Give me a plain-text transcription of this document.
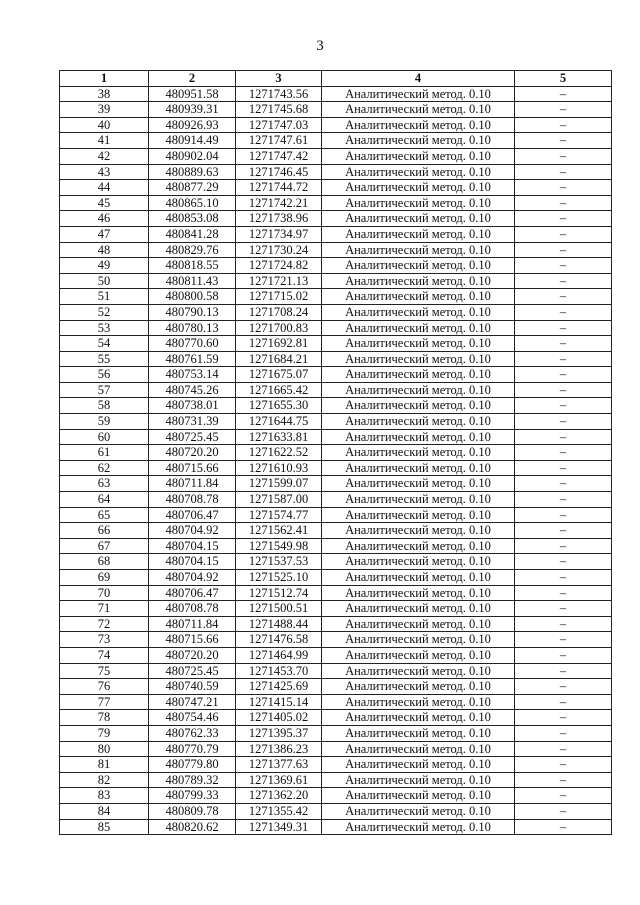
3
1	2	3	4	5
38	480951.58	1271743.56	Аналитический метод. 0.10	–
39	480939.31	1271745.68	Аналитический метод. 0.10	–
40	480926.93	1271747.03	Аналитический метод. 0.10	–
41	480914.49	1271747.61	Аналитический метод. 0.10	–
42	480902.04	1271747.42	Аналитический метод. 0.10	–
43	480889.63	1271746.45	Аналитический метод. 0.10	–
44	480877.29	1271744.72	Аналитический метод. 0.10	–
45	480865.10	1271742.21	Аналитический метод. 0.10	–
46	480853.08	1271738.96	Аналитический метод. 0.10	–
47	480841.28	1271734.97	Аналитический метод. 0.10	–
48	480829.76	1271730.24	Аналитический метод. 0.10	–
49	480818.55	1271724.82	Аналитический метод. 0.10	–
50	480811.43	1271721.13	Аналитический метод. 0.10	–
51	480800.58	1271715.02	Аналитический метод. 0.10	–
52	480790.13	1271708.24	Аналитический метод. 0.10	–
53	480780.13	1271700.83	Аналитический метод. 0.10	–
54	480770.60	1271692.81	Аналитический метод. 0.10	–
55	480761.59	1271684.21	Аналитический метод. 0.10	–
56	480753.14	1271675.07	Аналитический метод. 0.10	–
57	480745.26	1271665.42	Аналитический метод. 0.10	–
58	480738.01	1271655.30	Аналитический метод. 0.10	–
59	480731.39	1271644.75	Аналитический метод. 0.10	–
60	480725.45	1271633.81	Аналитический метод. 0.10	–
61	480720.20	1271622.52	Аналитический метод. 0.10	–
62	480715.66	1271610.93	Аналитический метод. 0.10	–
63	480711.84	1271599.07	Аналитический метод. 0.10	–
64	480708.78	1271587.00	Аналитический метод. 0.10	–
65	480706.47	1271574.77	Аналитический метод. 0.10	–
66	480704.92	1271562.41	Аналитический метод. 0.10	–
67	480704.15	1271549.98	Аналитический метод. 0.10	–
68	480704.15	1271537.53	Аналитический метод. 0.10	–
69	480704.92	1271525.10	Аналитический метод. 0.10	–
70	480706.47	1271512.74	Аналитический метод. 0.10	–
71	480708.78	1271500.51	Аналитический метод. 0.10	–
72	480711.84	1271488.44	Аналитический метод. 0.10	–
73	480715.66	1271476.58	Аналитический метод. 0.10	–
74	480720.20	1271464.99	Аналитический метод. 0.10	–
75	480725.45	1271453.70	Аналитический метод. 0.10	–
76	480740.59	1271425.69	Аналитический метод. 0.10	–
77	480747.21	1271415.14	Аналитический метод. 0.10	–
78	480754.46	1271405.02	Аналитический метод. 0.10	–
79	480762.33	1271395.37	Аналитический метод. 0.10	–
80	480770.79	1271386.23	Аналитический метод. 0.10	–
81	480779.80	1271377.63	Аналитический метод. 0.10	–
82	480789.32	1271369.61	Аналитический метод. 0.10	–
83	480799.33	1271362.20	Аналитический метод. 0.10	–
84	480809.78	1271355.42	Аналитический метод. 0.10	–
85	480820.62	1271349.31	Аналитический метод. 0.10	–
